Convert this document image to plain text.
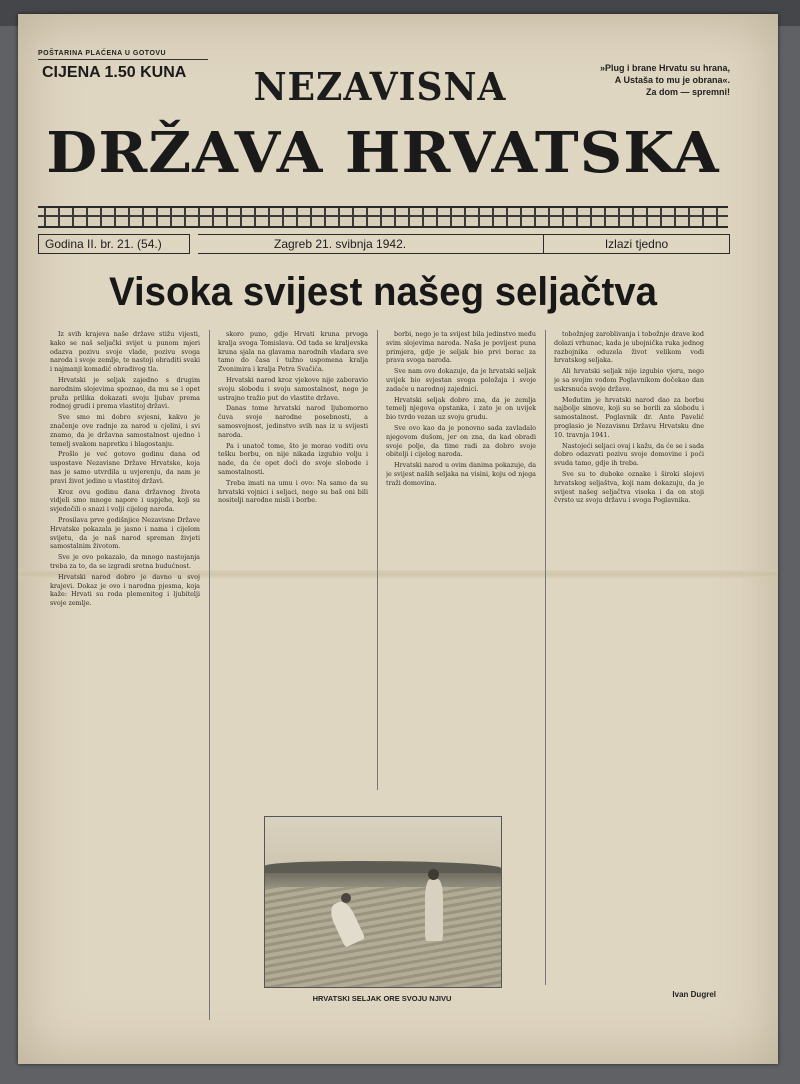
POŠTARINA PLAĆENA U GOTOVU
CIJENA 1.50 KUNA	NEZAVISNA
DRŽAVA HRVATSKA
»Plug i brane Hrvatu su hrana,
A Ustaša to mu je obrana«.
Za dom — spremni!
Godina II. br. 21. (54.)	Zagreb 21. svibnja 1942.	Izlazi tjedno
Visoka svijest našeg seljačtva

Iz svih krajeva naše države stižu vijesti, kako se naš seljački svijet u punom mjeri odazva pozivu svoje vlade, pozivu svoga naroda i svoje zemlje, te nastoji obraditi svaki i najmanji komadić obradivog tla.

Hrvatski je seljak zajedno s drugim narodnim slojevima spoznao, da mu se i opet pruža prilika dokazati svoju ljubav prema rodnoj grudi i prema vlastitoj državi.

Sve smo mi dobro svjesni, kakvo je značenje ove radnje za narod u cjelini, i svi znamo, da je državna samostalnost ujedno i temelj svakom napretku i blagostanju.

Prošlo je već gotovo godinu dana od uspostave Nezavisne Države Hrvatske, koja nas je samo utvrdila u uvjerenju, da nam je pravi život jedino u vlastitoj državi.

Kroz ovu godinu dana državnog života vidjeli smo mnoge napore i uspjehe, koji su svjedočili o snazi i volji cijelog naroda.

Prosilava prve godišnjice Nezavisne Države Hrvatske pokazala je jasno i nama i cijelom svijetu, da je naš narod spreman živjeti samostalnim životom.

Sve je ovo pokazalo, da mnogo nastojanja treba za to, da se izgradi sretna budućnost.

Hrvatski narod dobro je davno u svoj krajevi. Dokaz je ovo i narodna pjesma, koja kaže: Hrvati su roda plemenitog i ljubitelji svoje zemlje.

skoro puno, gdje Hrvati kruna prvoga kralja svoga Tomislava. Od tada se kraljevska kruna sjala na glavama narodnih vladara sve tamo do časa i tužno uspomena kralja Zvonimira i kralja Petra Svačića.

Hrvatski narod kroz vjekove nije zaboravio svoju slobodu i svoju samostalnost, nego je ustrajno tražio put do vlastite države.

Danas tome hrvatski narod ljubomorno čuva svoje narodne posebnosti, a samosvojnost, jedinstvo svih nas iz u svijesti naroda.

Pa i unatoč tome, što je morao voditi ovu tešku borbu, on nije nikada izgubio volju i nade, da će opet doći do svoje slobode i samostalnosti.

Treba imati na umu i ovo: Na samo da su hrvatski vojnici i seljaci, nego su baš oni bili nositelji narodne misli i borbe.

borbi, nego je ta svijest bila jedinstvo među svim slojevima naroda. Naša je povijest puna primjera, gdje je seljak bio prvi borac za prava svoga naroda.

Sve nam ovo dokazuje, da je hrvatski seljak uvijek bio svjestan svoga položaja i svoje zadaće u narodnoj zajednici.

Hrvatski seljak dobro zna, da je zemlja temelj njegova opstanka, i zato je on uvijek bio tvrdo vezan uz svoju grudu.

Sve ovo kao da je ponovno sada zavladalo njegovom dušom, jer on zna, da kad obradi svoje polje, da time radi za dobro svoje obitelji i cijelog naroda.

Hrvatski narod u ovim danima pokazuje, da je svijest naših seljaka na visini, koju od njega traži domovina.

tobožnjeg zaroblivanja i tobožnje drave kod dolazi vrhunac, kada je ubojnička ruka jednog razbojnika oduzela život velikom vođi hrvatskog seljaka.

Ali hrvatski seljak nije izgubio vjeru, nego je sa svojim vođom Poglavnikom dočekao dan uskrsnuća svoje države.

Međutim je hrvatski narod dao za borbu najbolje sinove, koji su se borili za slobodu i samostalnost. Poglavnik dr. Ante Pavelić proglasio je Nezavisnu Državu Hrvatsku dne 10. travnja 1941.

Nastojeći seljaci ovaj i kažu, da će se i sada dobro odazvati pozivu svoje domovine i poći svuda tamo, gdje ih treba.

Sve su to dubokе oznake i široki slojevi hrvatskog seljaštva, koji nam dokazuju, da je svijest našeg seljačtva visoka i da on stoji čvrsto uz svoju državu i svoga Poglavnika.

HRVATSKI SELJAK ORE SVOJU NJIVU	Ivan Dugrel
